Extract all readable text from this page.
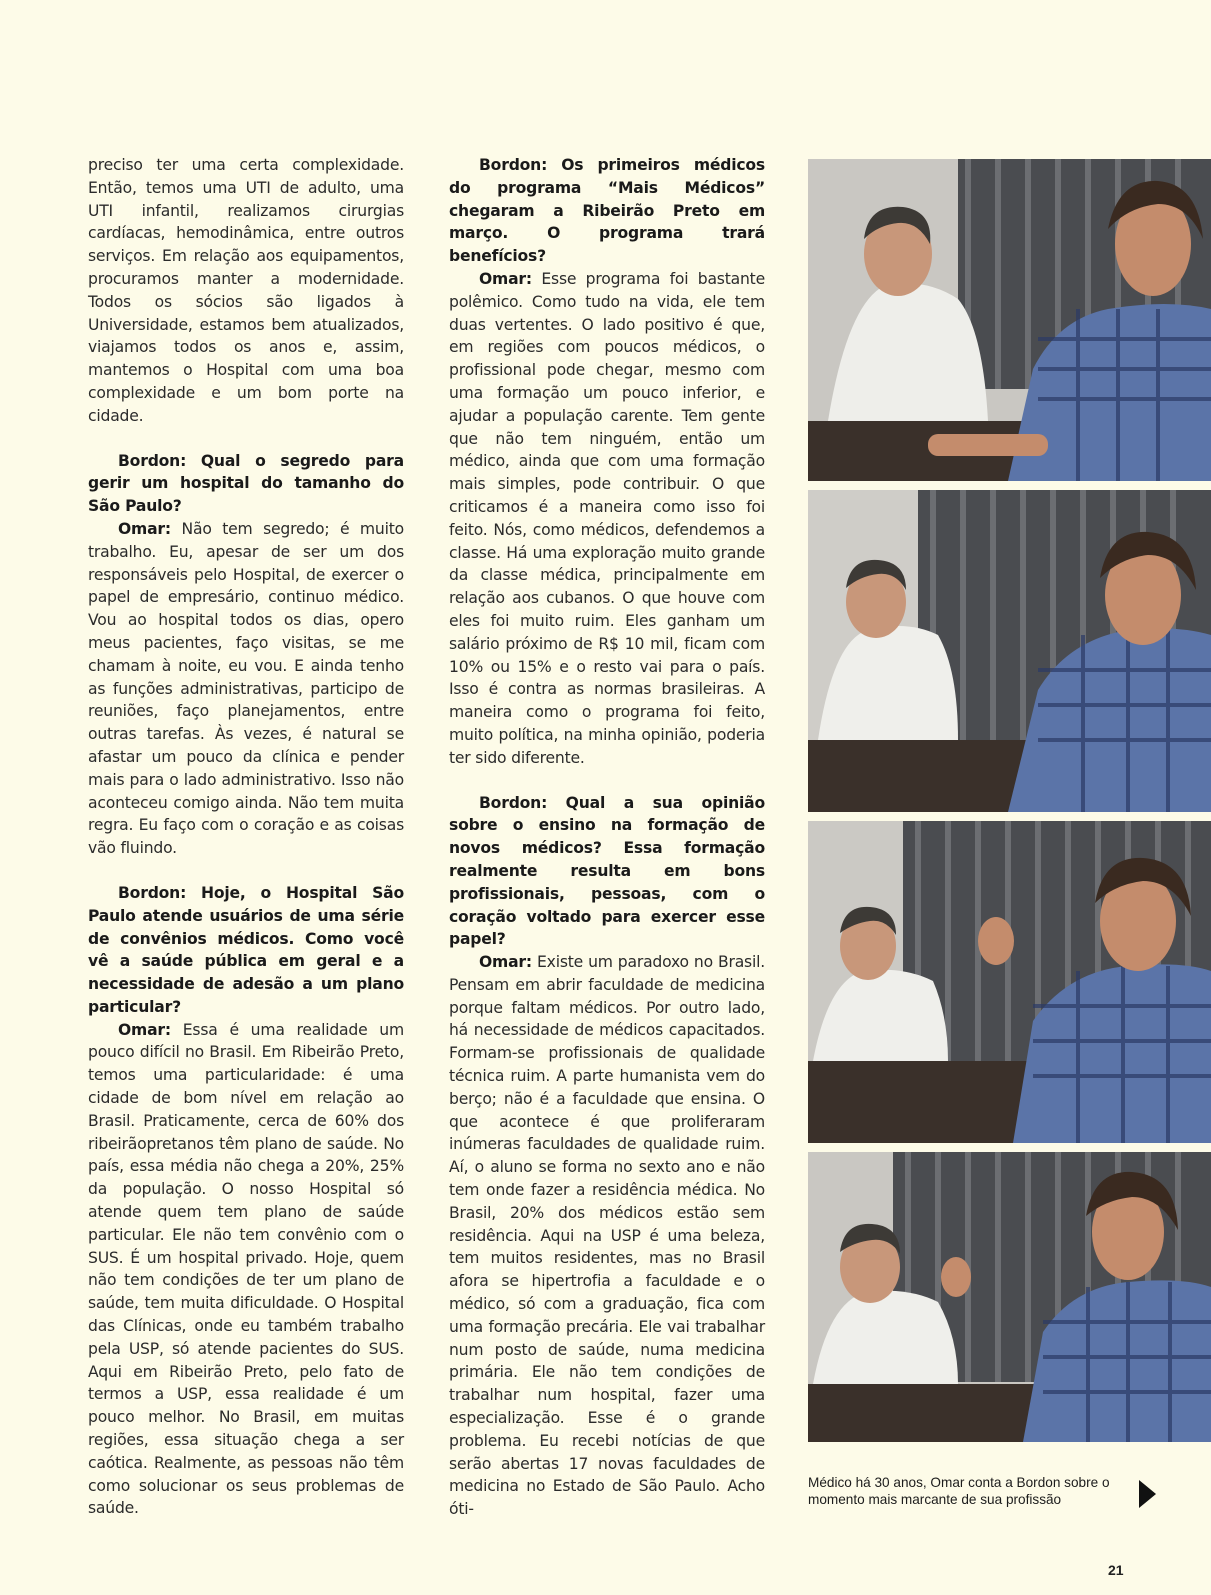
preciso ter uma certa complexidade. Então, temos uma UTI de adulto, uma UTI infantil, realizamos cirurgias cardíacas, hemodinâmica, entre outros serviços. Em relação aos equipamentos, procuramos manter a modernidade. Todos os sócios são ligados à Universidade, estamos bem atualizados, viajamos todos os anos e, assim, mantemos o Hospital com uma boa complexidade e um bom porte na cidade.

Bordon: Qual o segredo para gerir um hospital do tamanho do São Paulo?

Omar: Não tem segredo; é muito trabalho. Eu, apesar de ser um dos responsáveis pelo Hospital, de exercer o papel de empresário, continuo médico. Vou ao hospital todos os dias, opero meus pacientes, faço visitas, se me chamam à noite, eu vou. E ainda tenho as funções administrativas, participo de reuniões, faço planejamentos, entre outras tarefas. Às vezes, é natural se afastar um pouco da clínica e pender mais para o lado administrativo. Isso não aconteceu comigo ainda. Não tem muita regra. Eu faço com o coração e as coisas vão fluindo.

Bordon: Hoje, o Hospital São Paulo atende usuários de uma série de convênios médicos. Como você vê a saúde pública em geral e a necessidade de adesão a um plano particular?

Omar: Essa é uma realidade um pouco difícil no Brasil. Em Ribeirão Preto, temos uma particularidade: é uma cidade de bom nível em relação ao Brasil. Praticamente, cerca de 60% dos ribeirãopretanos têm plano de saúde. No país, essa média não chega a 20%, 25% da população. O nosso Hospital só atende quem tem plano de saúde particular. Ele não tem convênio com o SUS. É um hospital privado. Hoje, quem não tem condições de ter um plano de saúde, tem muita dificuldade. O Hospital das Clínicas, onde eu também trabalho pela USP, só atende pacientes do SUS. Aqui em Ribeirão Preto, pelo fato de termos a USP, essa realidade é um pouco melhor. No Brasil, em muitas regiões, essa situação chega a ser caótica. Realmente, as pessoas não têm como solucionar os seus problemas de saúde.

Bordon: Os primeiros médicos do programa “Mais Médicos” chegaram a Ribeirão Preto em março. O programa trará benefícios?

Omar: Esse programa foi bastante polêmico. Como tudo na vida, ele tem duas vertentes. O lado positivo é que, em regiões com poucos médicos, o profissional pode chegar, mesmo com uma formação um pouco inferior, e ajudar a população carente. Tem gente que não tem ninguém, então um médico, ainda que com uma formação mais simples, pode contribuir. O que criticamos é a maneira como isso foi feito. Nós, como médicos, defendemos a classe. Há uma exploração muito grande da classe médica, principalmente em relação aos cubanos. O que houve com eles foi muito ruim. Eles ganham um salário próximo de R$ 10 mil, ficam com 10% ou 15% e o resto vai para o país. Isso é contra as normas brasileiras. A maneira como o programa foi feito, muito política, na minha opinião, poderia ter sido diferente.

Bordon: Qual a sua opinião sobre o ensino na formação de novos médicos? Essa formação realmente resulta em bons profissionais, pessoas, com o coração voltado para exercer esse papel?

Omar: Existe um paradoxo no Brasil. Pensam em abrir faculdade de medicina porque faltam médicos. Por outro lado, há necessidade de médicos capacitados. Formam-se profissionais de qualidade técnica ruim. A parte humanista vem do berço; não é a faculdade que ensina. O que acontece é que proliferaram inúmeras faculdades de qualidade ruim. Aí, o aluno se forma no sexto ano e não tem onde fazer a residência médica. No Brasil, 20% dos médicos estão sem residência. Aqui na USP é uma beleza, tem muitos residentes, mas no Brasil afora se hipertrofia a faculdade e o médico, só com a graduação, fica com uma formação precária. Ele vai trabalhar num posto de saúde, numa medicina primária. Ele não tem condições de trabalhar num hospital, fazer uma especialização. Esse é o grande problema. Eu recebi notícias de que serão abertas 17 novas faculdades de medicina no Estado de São Paulo. Acho óti-

Médico há 30 anos, Omar conta a Bordon sobre o momento mais marcante de sua profissão
21
